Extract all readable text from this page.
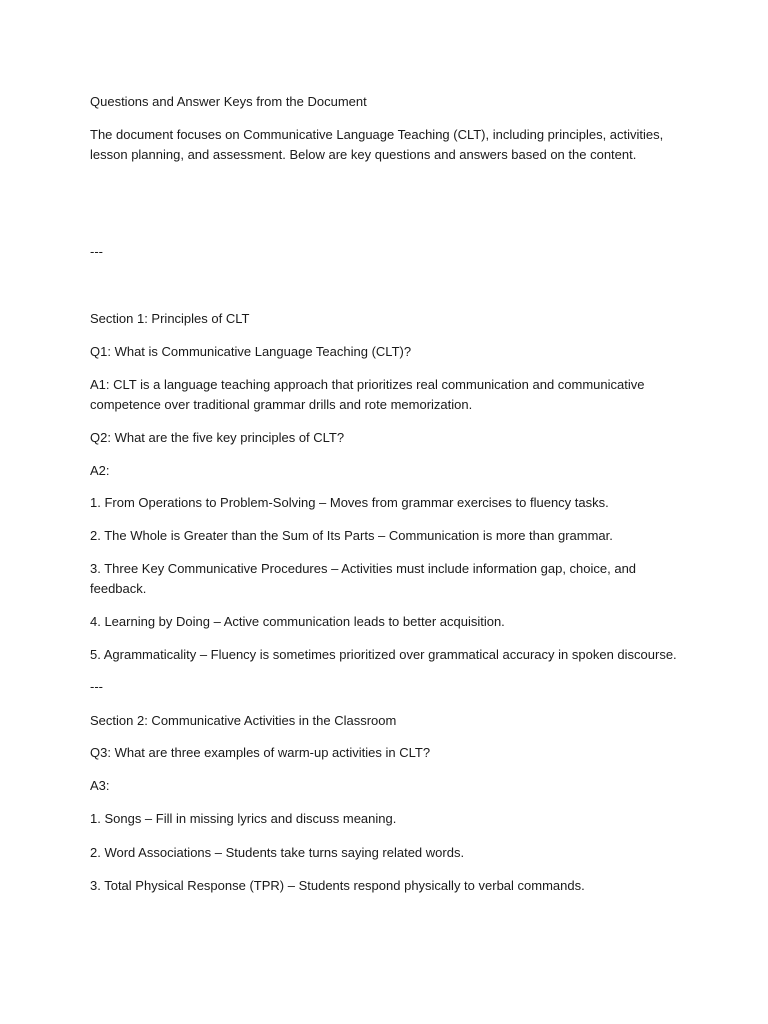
Questions and Answer Keys from the Document

The document focuses on Communicative Language Teaching (CLT), including principles, activities, lesson planning, and assessment. Below are key questions and answers based on the content.

---

Section 1: Principles of CLT

Q1: What is Communicative Language Teaching (CLT)?

A1: CLT is a language teaching approach that prioritizes real communication and communicative competence over traditional grammar drills and rote memorization.

Q2: What are the five key principles of CLT?

A2:

1. From Operations to Problem-Solving – Moves from grammar exercises to fluency tasks.

2. The Whole is Greater than the Sum of Its Parts – Communication is more than grammar.

3. Three Key Communicative Procedures – Activities must include information gap, choice, and feedback.

4. Learning by Doing – Active communication leads to better acquisition.

5. Agrammaticality – Fluency is sometimes prioritized over grammatical accuracy in spoken discourse.

---

Section 2: Communicative Activities in the Classroom

Q3: What are three examples of warm-up activities in CLT?

A3:

1. Songs – Fill in missing lyrics and discuss meaning.

2. Word Associations – Students take turns saying related words.

3. Total Physical Response (TPR) – Students respond physically to verbal commands.
